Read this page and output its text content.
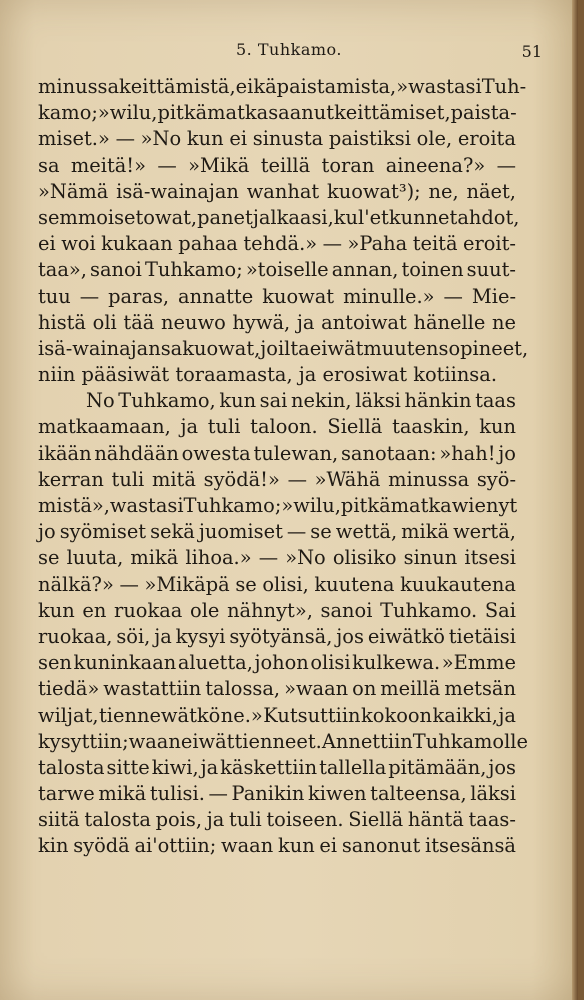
5. Tuhkamo.	51
minussa keittämistä, eikä paistamista,» wastasi Tuh-
kamo; »wilu, pitkä matka saanut keittämiset, paista-
miset.» — »No kun ei sinusta paistiksi ole, eroita
sa meitä!» — »Mikä teillä toran aineena?» —
»Nämä isä-wainajan wanhat kuowat³); ne, näet,
semmoiset owat, panet jalkaasi, kul'et kunne tahdot,
ei woi kukaan pahaa tehdä.» — »Paha teitä eroit-
taa», sanoi Tuhkamo; »toiselle annan, toinen suut-
tuu — paras, annatte kuowat minulle.» — Mie-
histä oli tää neuwo hywä, ja antoiwat hänelle ne
isä-wainajansa kuowat, joilta eiwät muuten sopineet,
niin pääsiwät toraamasta, ja erosiwat kotiinsa.
No Tuhkamo, kun sai nekin, läksi hänkin taas
matkaamaan, ja tuli taloon. Siellä taaskin, kun
ikään nähdään owesta tulewan, sanotaan: »hah! jo
kerran tuli mitä syödä!» — »Wähä minussa syö-
mistä», wastasi Tuhkamo; »wilu, pitkä matka wienyt
jo syömiset sekä juomiset — se wettä, mikä wertä,
se luuta, mikä lihoa.» — »No olisiko sinun itsesi
nälkä?» — »Mikäpä se olisi, kuutena kuukautena
kun en ruokaa ole nähnyt», sanoi Tuhkamo. Sai
ruokaa, söi, ja kysyi syötyänsä, jos eiwätkö tietäisi
sen kuninkaan aluetta, johon olisi kulkewa. »Emme
tiedä» wastattiin talossa, »waan on meillä metsän
wiljat, tiennewätkö ne.» Kutsuttiin kokoon kaikki, ja
kysyttiin; waan eiwät tienneet. Annettiin Tuhkamolle
talosta sitte kiwi, ja käskettiin tallella pitämään, jos
tarwe mikä tulisi. — Panikin kiwen talteensa, läksi
siitä talosta pois, ja tuli toiseen. Siellä häntä taas-
kin syödä ai'ottiin; waan kun ei sanonut itsesänsä
